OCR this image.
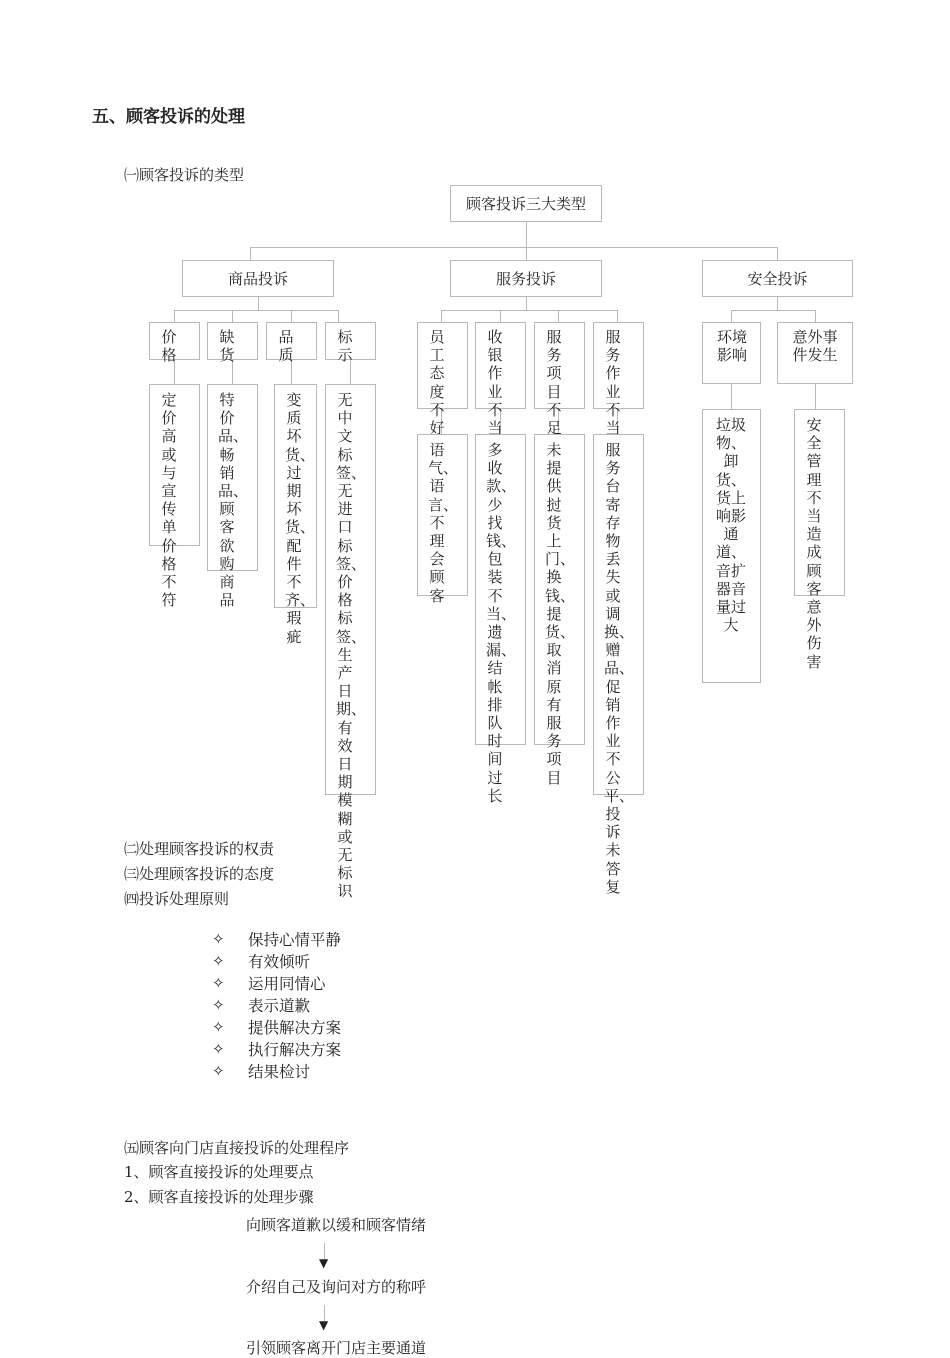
五、顾客投诉的处理
㈠顾客投诉的类型
顾客投诉三大类型
商品投诉	服务投诉	安全投诉
价格
缺货
品质
标示
定价高或与宣传单价格不符
特价品、畅销品、顾客欲购商品
变质坏货、过期坏货、配件不齐、瑕疵
无中文标签、无进口标签、价格标签、生产日期、有效日期模糊或无标识
员工态度不好
收银作业不当
服务项目不足
服务作业不当
语气、语言、不理会顾客
多收款、少找钱、包装不当、遗漏、结帐排队时间过长
未提供挝货上门、换钱、提货、取消原有服务项目
服务台寄存物丢失或调换、赠品、促销作业不公平、投诉未答复
环境影响
意外事件发生
垃圾物、卸货、货上响影通道、音扩器音量过大
安全管理不当造成顾客意外伤害
㈡处理顾客投诉的权责
㈢处理顾客投诉的态度
㈣投诉处理原则
✧	保持心情平静
✧	有效倾听
✧	运用同情心
✧	表示道歉
✧	提供解决方案
✧	执行解决方案
✧	结果检讨
㈤顾客向门店直接投诉的处理程序
1、顾客直接投诉的处理要点
2、顾客直接投诉的处理步骤
向顾客道歉以缓和顾客情绪
▼
介绍自己及询问对方的称呼
▼
引领顾客离开门店主要通道
